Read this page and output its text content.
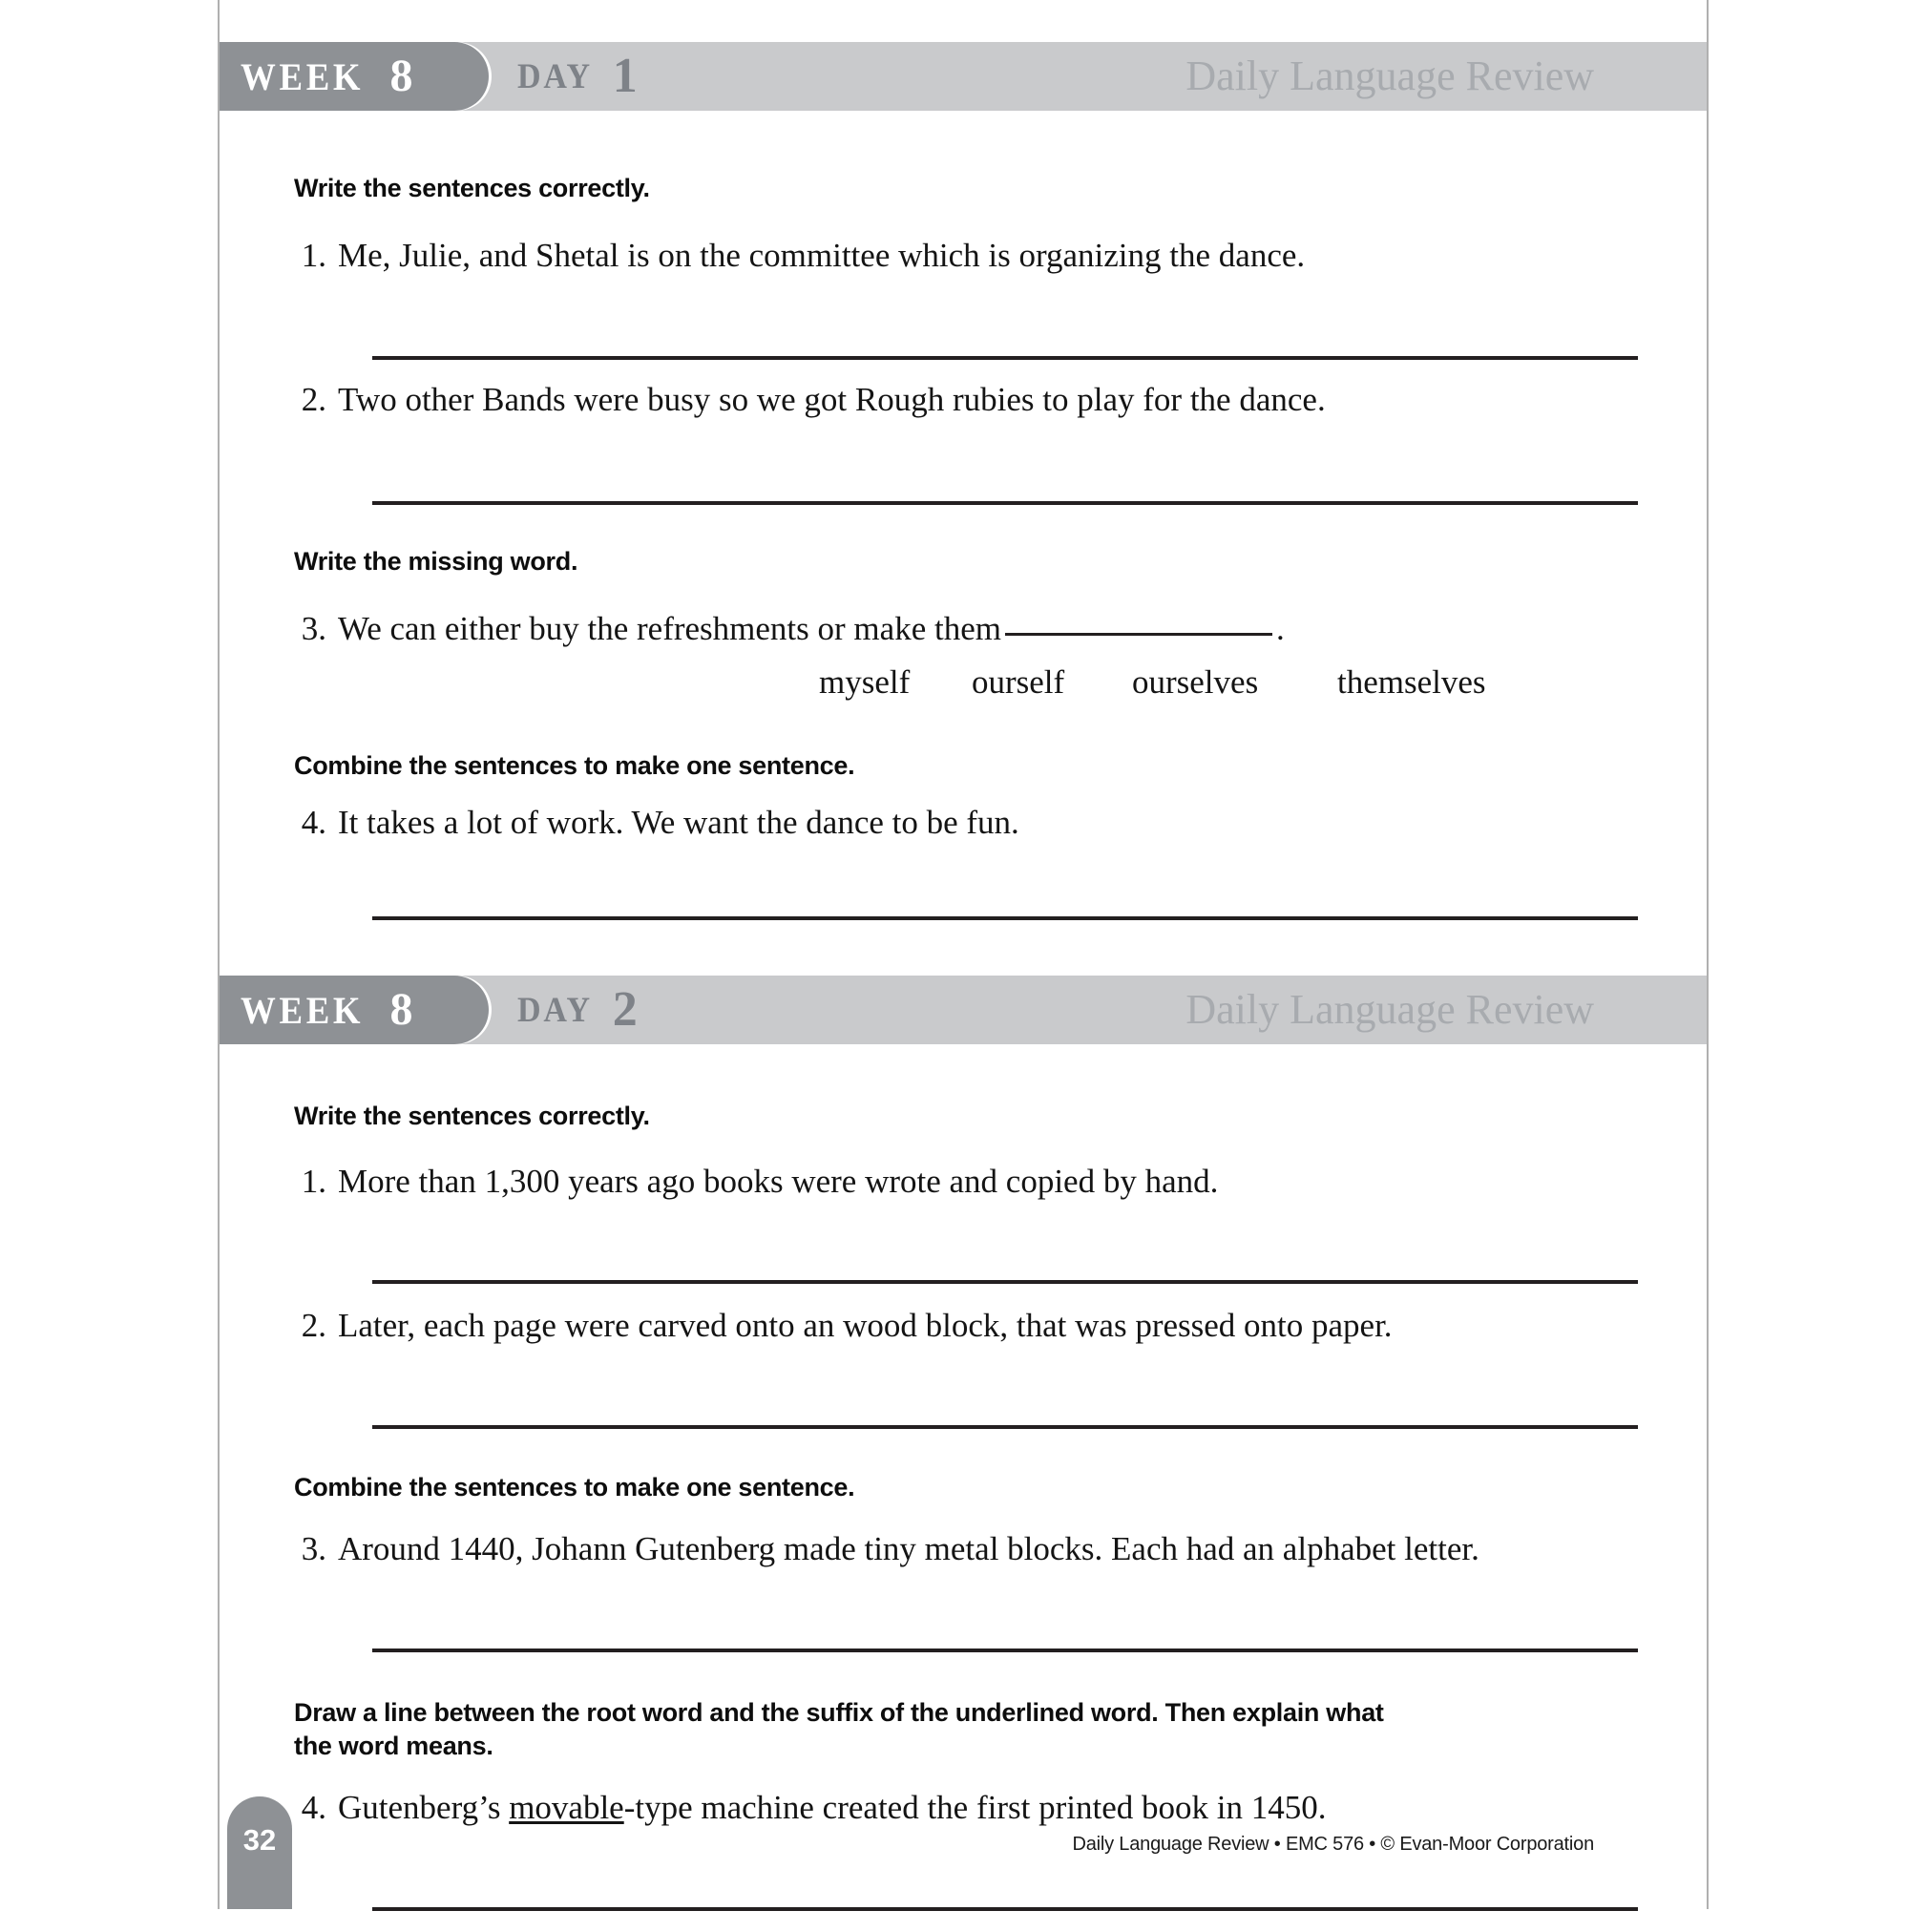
WEEK 8	DAY 1	Daily Language Review
Write the sentences correctly.
1. Me, Julie, and Shetal is on the committee which is organizing the dance.
2. Two other Bands were busy so we got Rough rubies to play for the dance.
Write the missing word.
3. We can either buy the refreshments or make them	.
myself	ourself	ourselves	themselves
Combine the sentences to make one sentence.
4. It takes a lot of work. We want the dance to be fun.
WEEK 8	DAY 2	Daily Language Review
Write the sentences correctly.
1. More than 1,300 years ago books were wrote and copied by hand.
2. Later, each page were carved onto an wood block, that was pressed onto paper.
Combine the sentences to make one sentence.
3. Around 1440, Johann Gutenberg made tiny metal blocks. Each had an alphabet letter.
Draw a line between the root word and the suffix of the underlined word. Then explain what
the word means.
4. Gutenberg’s movable-type machine created the first printed book in 1450.
32	Daily Language Review • EMC 576 • © Evan-Moor Corporation
